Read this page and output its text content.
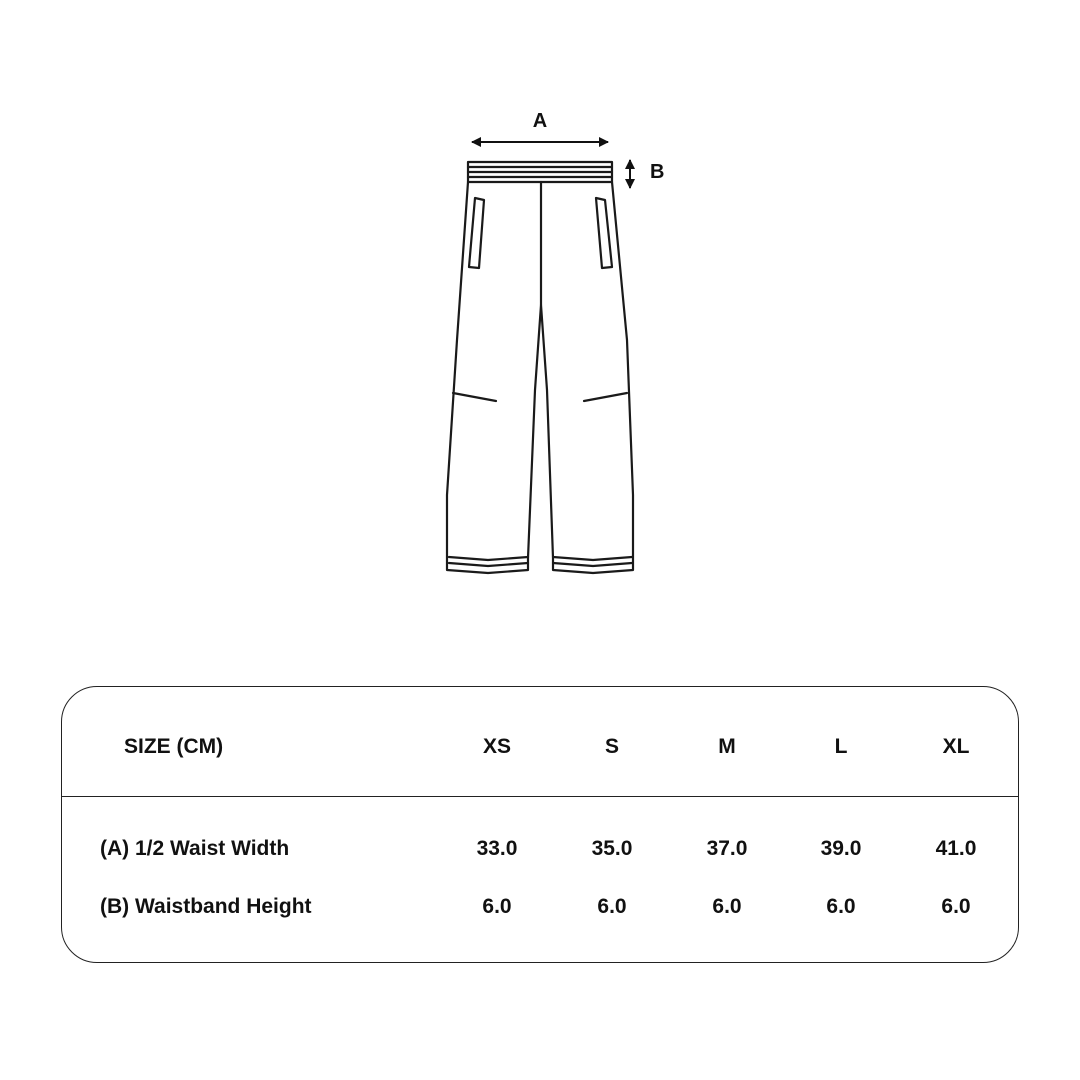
A
B
SIZE (CM)	XS	S	M	L	XL
(A) 1/2 Waist Width	33.0	35.0	37.0	39.0	41.0
(B) Waistband Height	6.0	6.0	6.0	6.0	6.0
